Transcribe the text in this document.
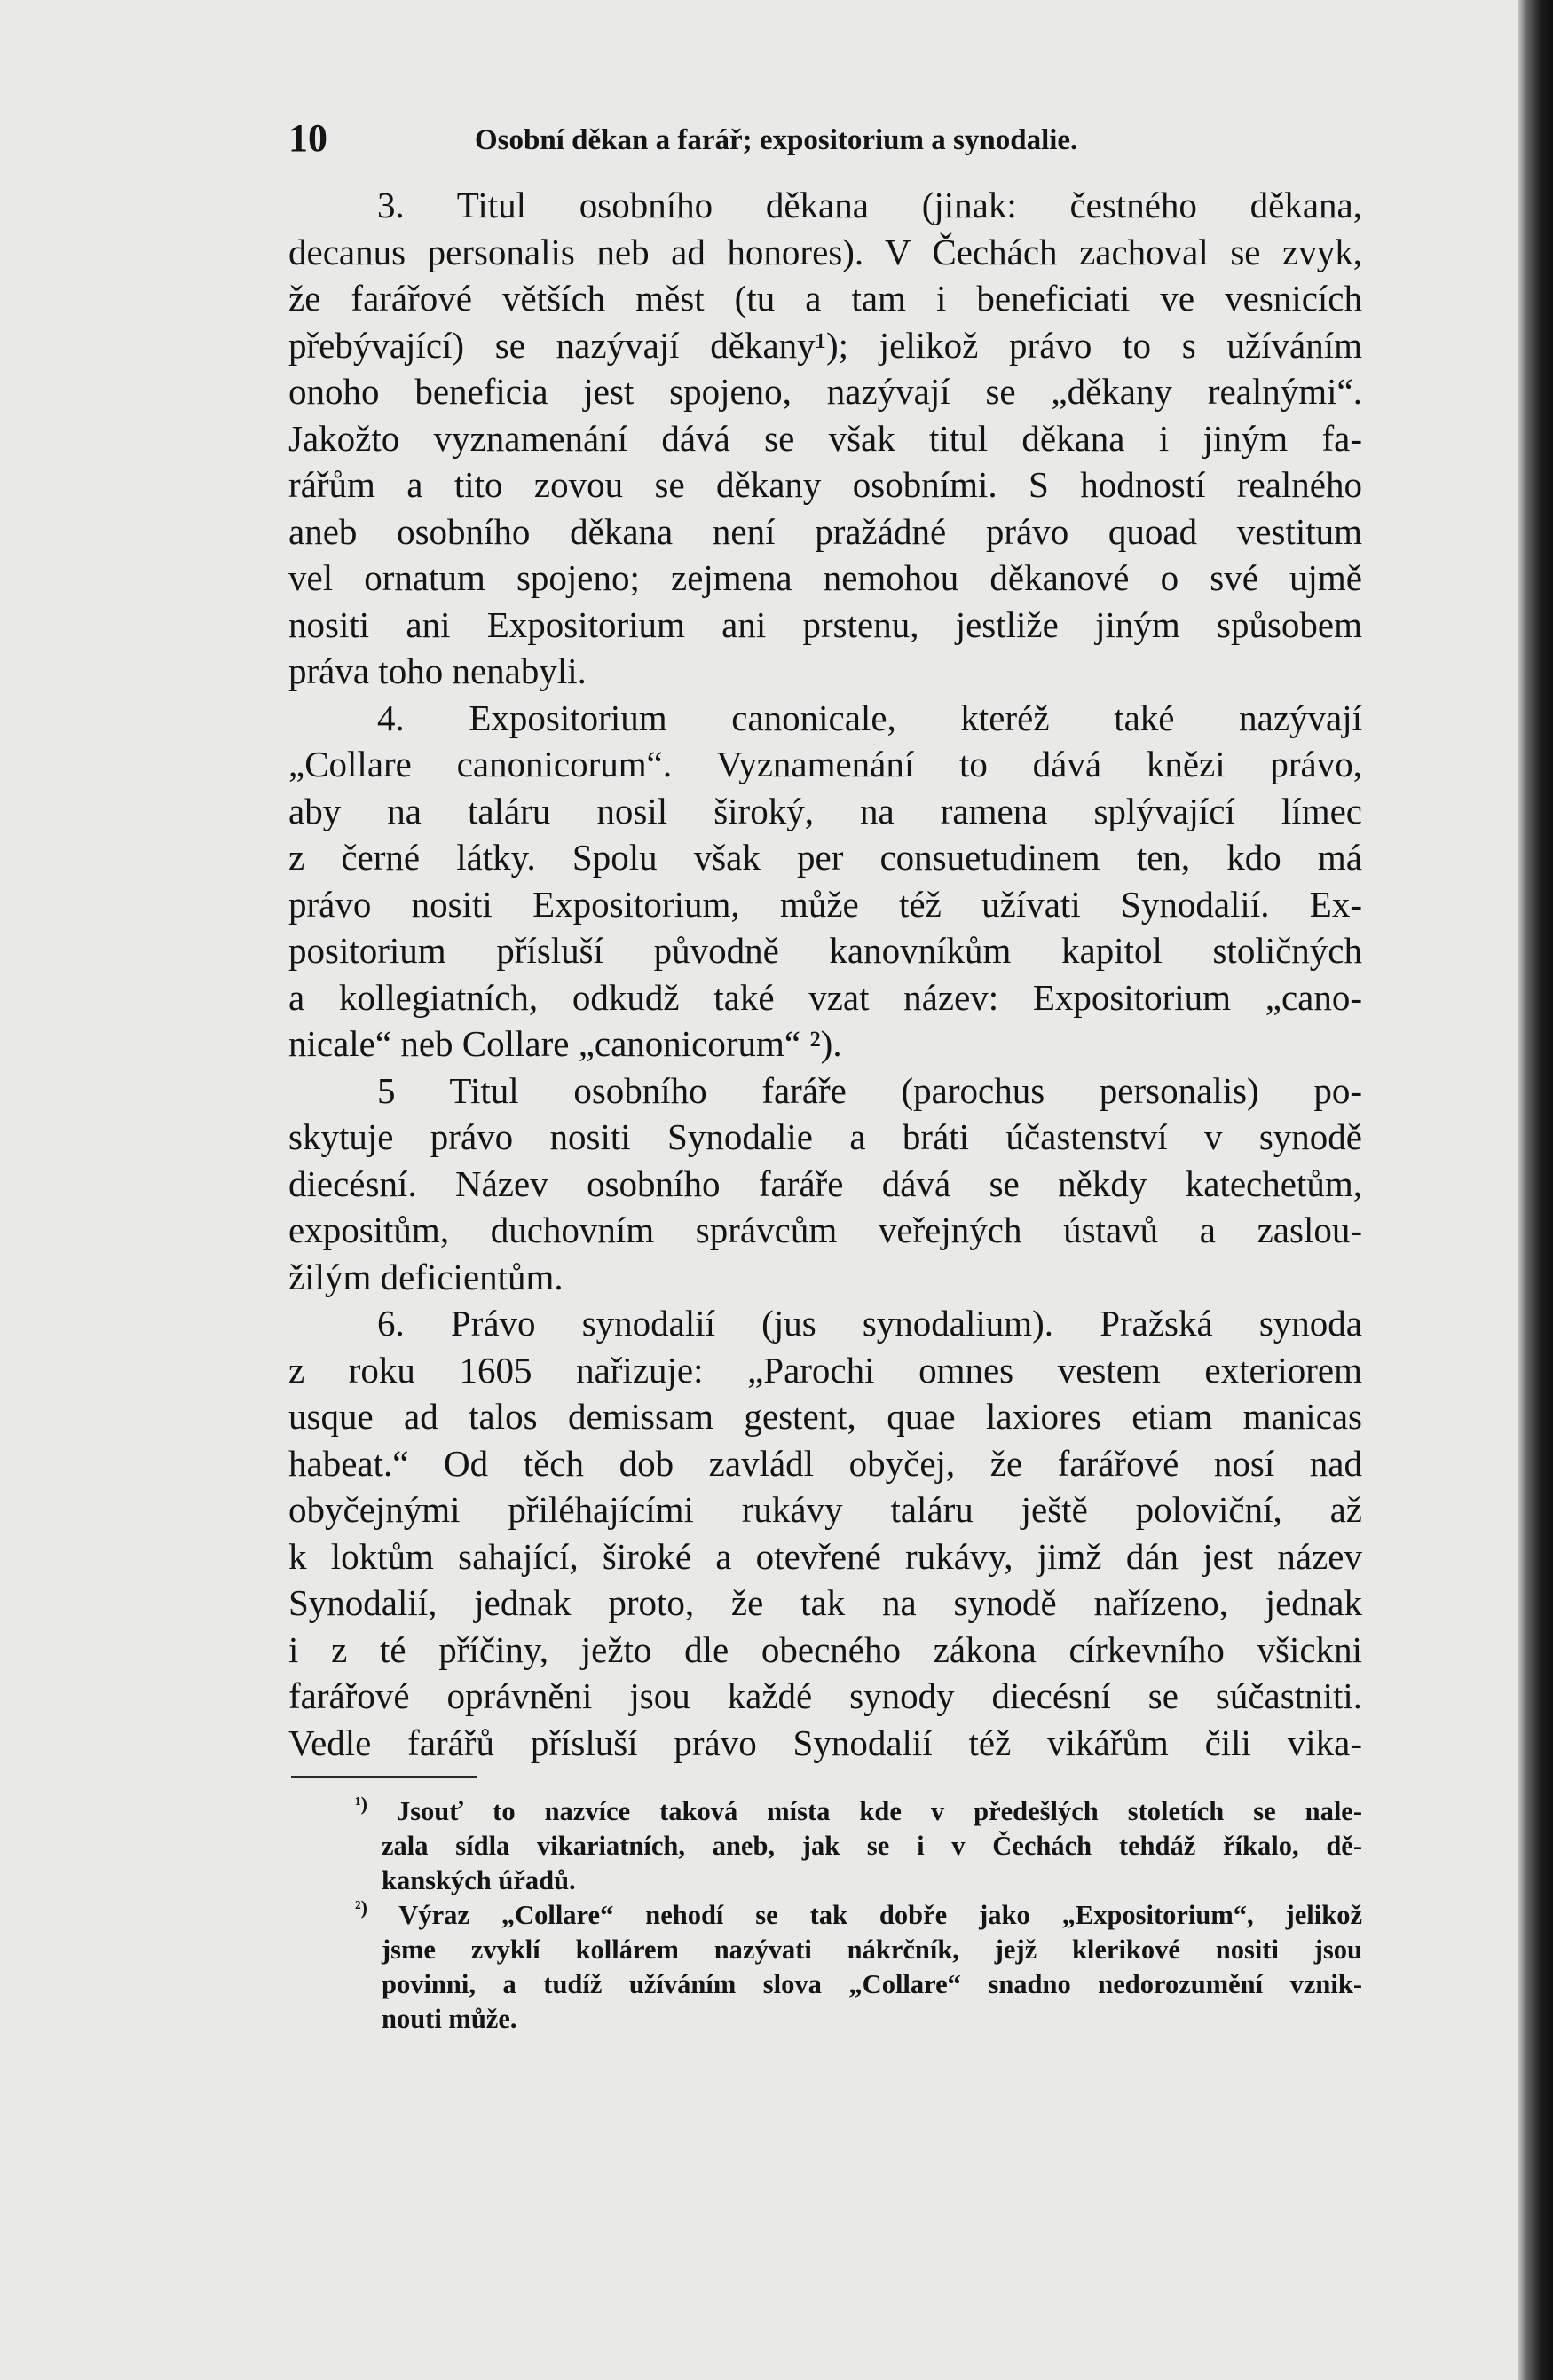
10	Osobní děkan a farář; expositorium a synodalie.
3. Titul osobního děkana (jinak: čestného děkana,
decanus personalis neb ad honores). V Čechách zachoval se zvyk,
že farářové větších měst (tu a tam i beneficiati ve vesnicích
přebývající) se nazývají děkany¹); jelikož právo to s užíváním
onoho beneficia jest spojeno, nazývají se „děkany realnými“.
Jakožto vyznamenání dává se však titul děkana i jiným fa-
rářům a tito zovou se děkany osobními. S hodností realného
aneb osobního děkana není pražádné právo quoad vestitum
vel ornatum spojeno; zejmena nemohou děkanové o své ujmě
nositi ani Expositorium ani prstenu, jestliže jiným spůsobem
práva toho nenabyli.
4. Expositorium canonicale, kteréž také nazývají
„Collare canonicorum“. Vyznamenání to dává knězi právo,
aby na taláru nosil široký, na ramena splývající límec
z černé látky. Spolu však per consuetudinem ten, kdo má
právo nositi Expositorium, může též užívati Synodalií. Ex-
positorium přísluší původně kanovníkům kapitol stoličných
a kollegiatních, odkudž také vzat název: Expositorium „cano-
nicale“ neb Collare „canonicorum“ ²).
5 Titul osobního faráře (parochus personalis) po-
skytuje právo nositi Synodalie a bráti účastenství v synodě
diecésní. Název osobního faráře dává se někdy katechetům,
expositům, duchovním správcům veřejných ústavů a zaslou-
žilým deficientům.
6. Právo synodalií (jus synodalium). Pražská synoda
z roku 1605 nařizuje: „Parochi omnes vestem exteriorem
usque ad talos demissam gestent, quae laxiores etiam manicas
habeat.“ Od těch dob zavládl obyčej, že farářové nosí nad
obyčejnými přiléhajícími rukávy taláru ještě poloviční, až
k loktům sahající, široké a otevřené rukávy, jimž dán jest název
Synodalií, jednak proto, že tak na synodě nařízeno, jednak
i z té příčiny, ježto dle obecného zákona církevního všickni
farářové oprávněni jsou každé synody diecésní se súčastniti.
Vedle farářů přísluší právo Synodalií též vikářům čili vika-
$^{^1)}$ Jsouť to nazvíce taková místa kde v předešlých stoletích se nale-
zala sídla vikariatních, aneb, jak se i v Čechách tehdáž říkalo, dě-
kanských úřadů.
$^{^2)}$ Výraz „Collare“ nehodí se tak dobře jako „Expositorium“, jelikož
jsme zvyklí kollárem nazývati nákrčník, jejž klerikové nositi jsou
povinni, a tudíž užíváním slova „Collare“ snadno nedorozumění vznik-
nouti může.
